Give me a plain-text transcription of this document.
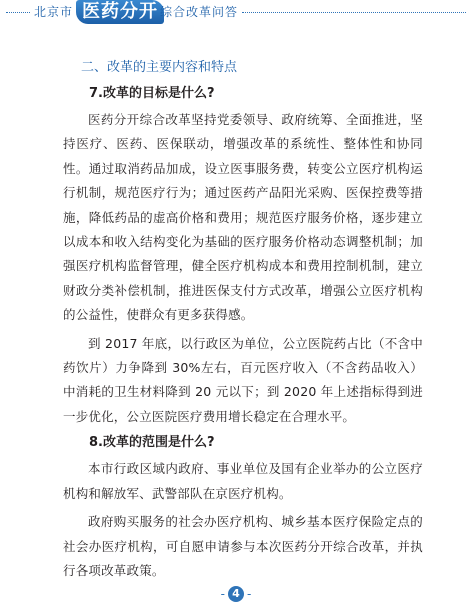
北京市 医药分开 综合改革问答
二、改革的主要内容和特点
7.改革的目标是什么?

医药分开综合改革坚持党委领导、政府统筹、全面推进，坚持医疗、医药、医保联动，增强改革的系统性、整体性和协同性。通过取消药品加成，设立医事服务费，转变公立医疗机构运行机制，规范医疗行为；通过医药产品阳光采购、医保控费等措施，降低药品的虚高价格和费用；规范医疗服务价格，逐步建立以成本和收入结构变化为基础的医疗服务价格动态调整机制；加强医疗机构监督管理，健全医疗机构成本和费用控制机制，建立财政分类补偿机制，推进医保支付方式改革，增强公立医疗机构的公益性，使群众有更多获得感。

到 2017 年底，以行政区为单位，公立医院药占比（不含中药饮片）力争降到 30%左右，百元医疗收入（不含药品收入）中消耗的卫生材料降到 20 元以下；到 2020 年上述指标得到进一步优化，公立医院医疗费用增长稳定在合理水平。

8.改革的范围是什么?

本市行政区域内政府、事业单位及国有企业举办的公立医疗机构和解放军、武警部队在京医疗机构。

政府购买服务的社会办医疗机构、城乡基本医疗保险定点的社会办医疗机构，可自愿申请参与本次医药分开综合改革，并执行各项改革政策。

- 4 -
